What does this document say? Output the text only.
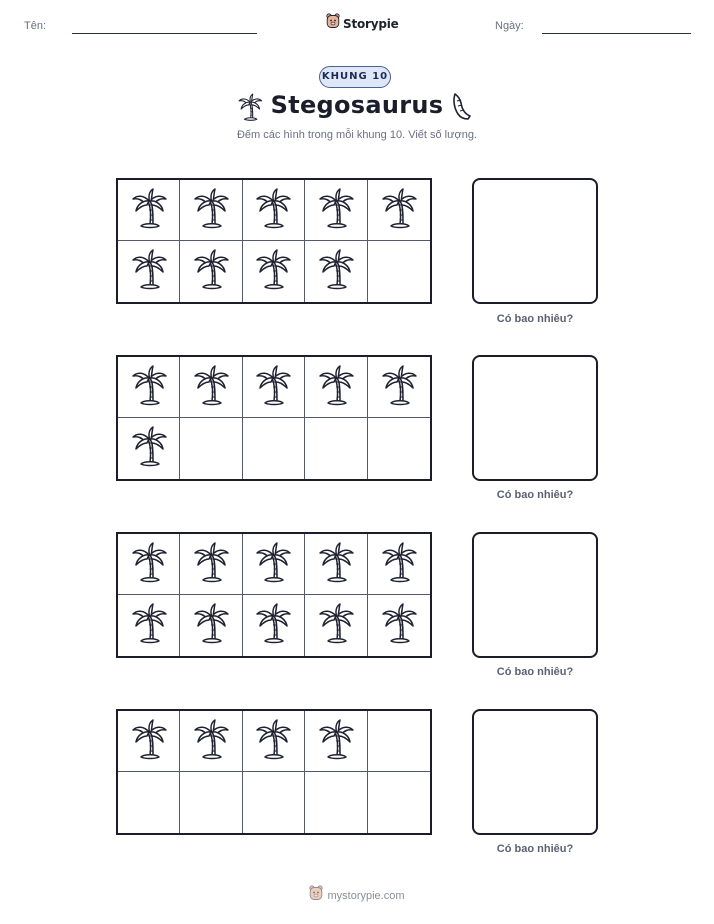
Tên:	Storypie	Ngày:
KHUNG 10
Stegosaurus
Đếm các hình trong mỗi khung 10. Viết số lượng.
Có bao nhiêu?
Có bao nhiêu?
Có bao nhiêu?
Có bao nhiêu?
mystorypie.com
